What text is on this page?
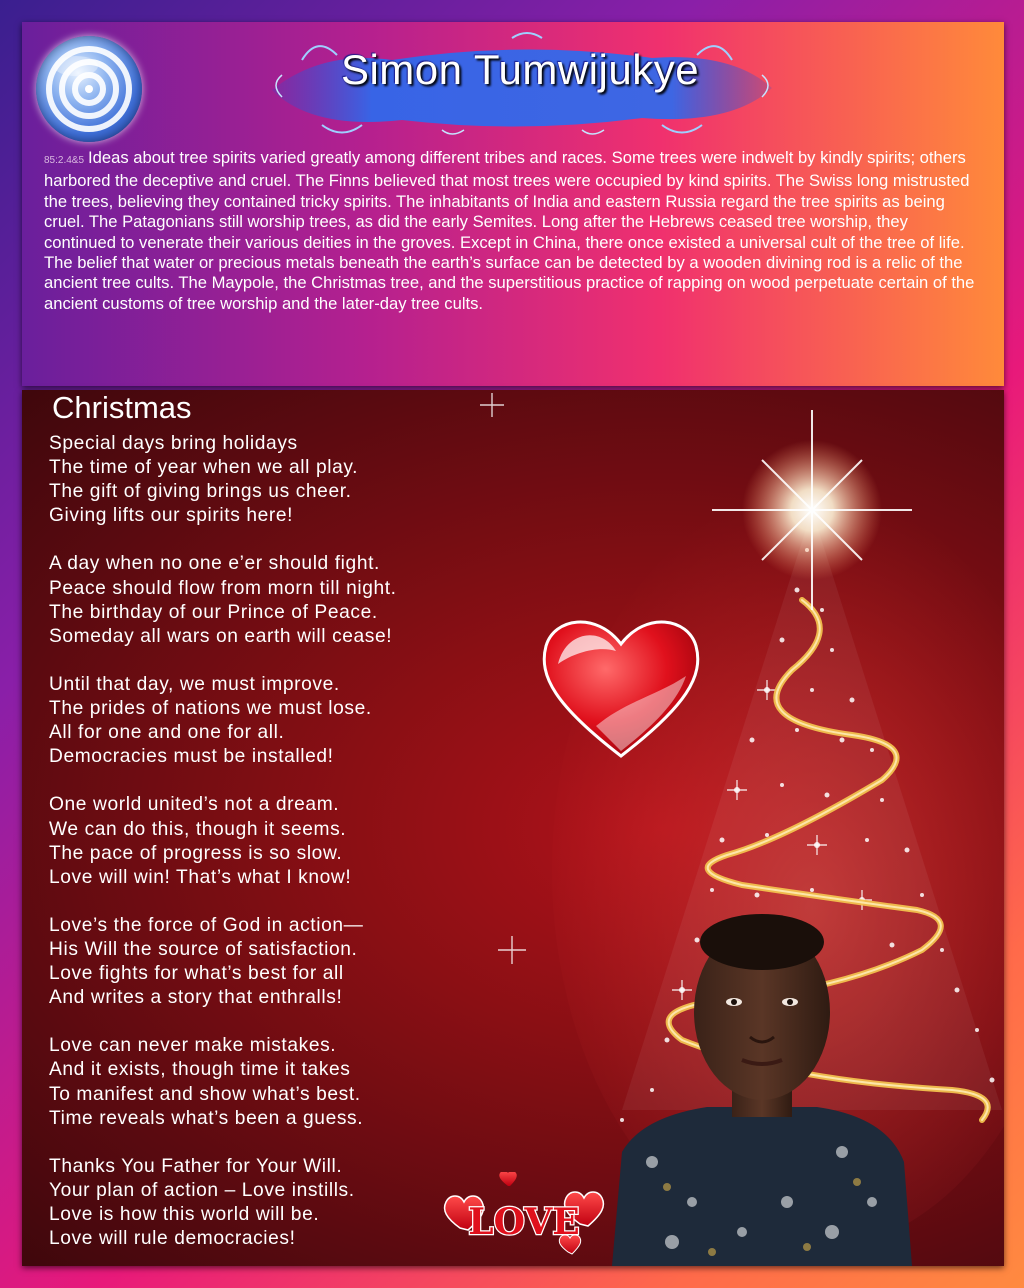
Simon Tumwijukye

85:2.4&5 Ideas about tree spirits varied greatly among different tribes and races. Some trees were indwelt by kindly spirits; others harbored the deceptive and cruel. The Finns believed that most trees were occupied by kind spirits. The Swiss long mistrusted the trees, believing they contained tricky spirits. The inhabitants of India and eastern Russia regard the tree spirits as being cruel. The Patagonians still worship trees, as did the early Semites. Long after the Hebrews ceased tree worship, they continued to venerate their various deities in the groves. Except in China, there once existed a universal cult of the tree of life.

The belief that water or precious metals beneath the earth’s surface can be detected by a wooden divining rod is a relic of the ancient tree cults. The Maypole, the Christmas tree, and the superstitious practice of rapping on wood perpetuate certain of the ancient customs of tree worship and the later-day tree cults.

Christmas
Special days bring holidays
The time of year when we all play.
The gift of giving brings us cheer.
Giving lifts our spirits here!
A day when no one e’er should fight.
Peace should flow from morn till night.
The birthday of our Prince of Peace.
Someday all wars on earth will cease!
Until that day, we must improve.
The prides of nations we must lose.
All for one and one for all.
Democracies must be installed!
One world united’s not a dream.
We can do this, though it seems.
The pace of progress is so slow.
Love will win! That’s what I know!
Love’s the force of God in action—
His Will the source of satisfaction.
Love fights for what’s best for all
And writes a story that enthralls!
Love can never make mistakes.
And it exists, though time it takes
To manifest and show what’s best.
Time reveals what’s been a guess.
Thanks You Father for Your Will.
Your plan of action – Love instills.
Love is how this world will be.
Love will rule democracies!	LOVE
